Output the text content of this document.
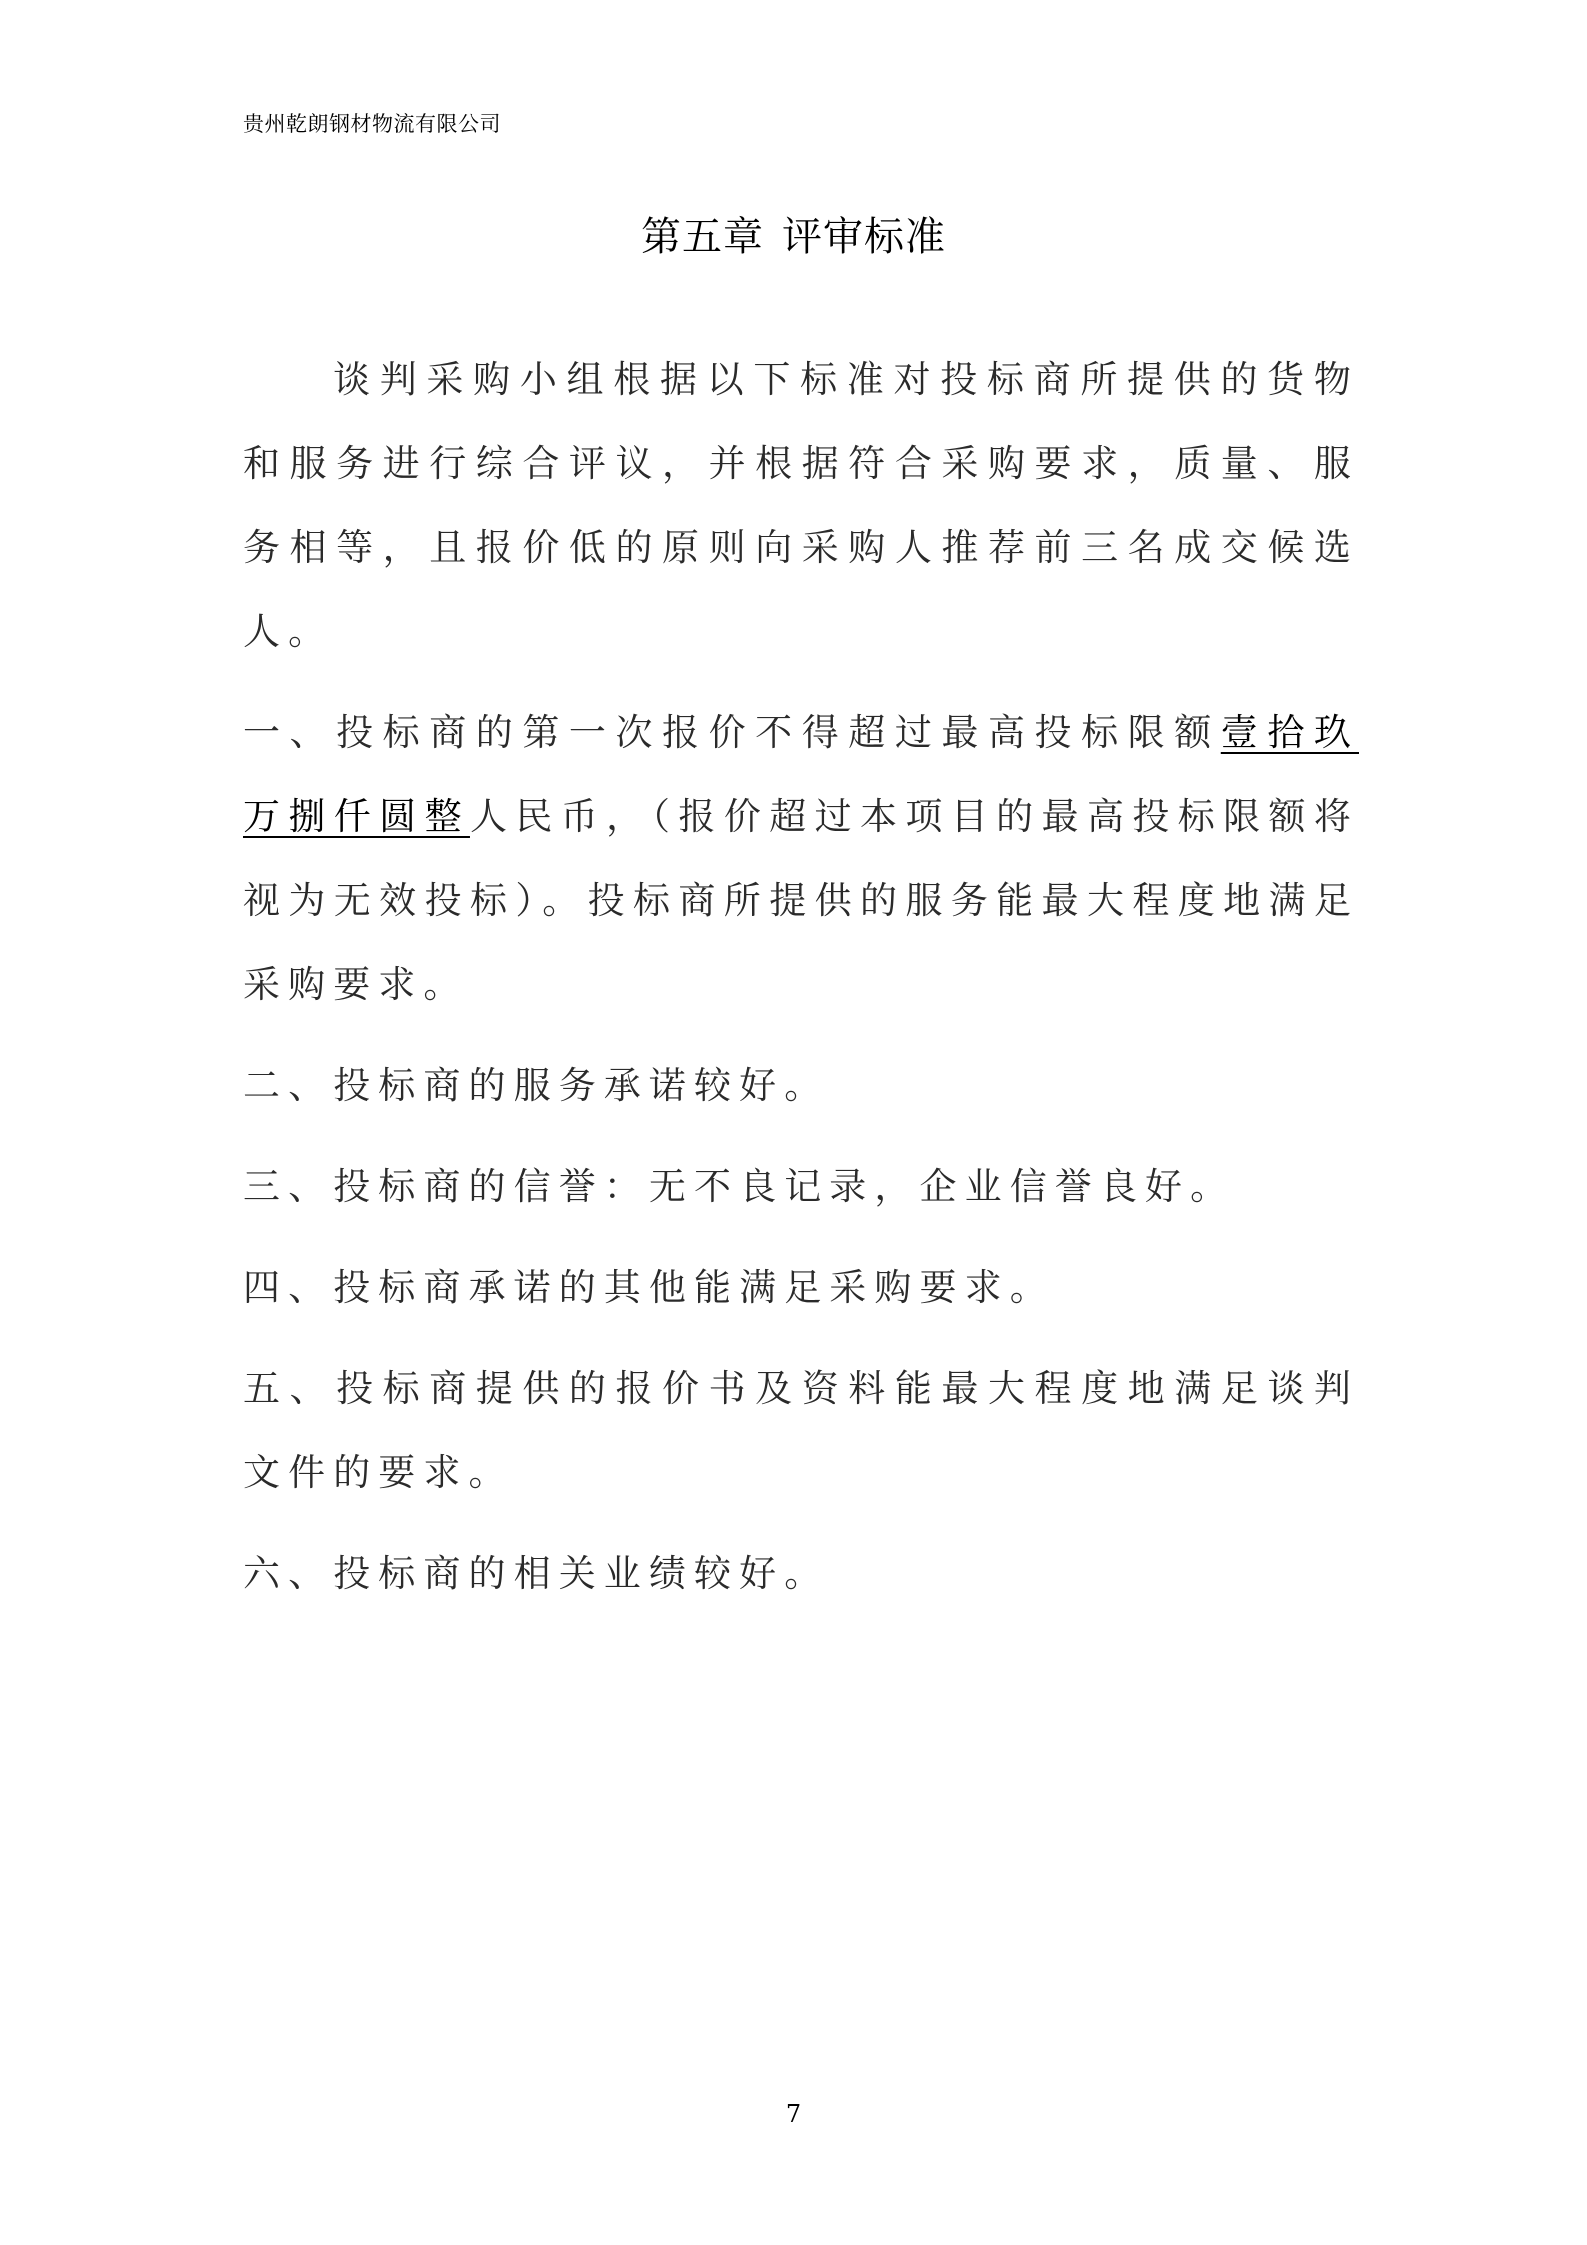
贵州乾朗钢材物流有限公司
第五章 评审标准

谈判采购小组根据以下标准对投标商所提供的货物和服务进行综合评议，并根据符合采购要求，质量、服务相等，且报价低的原则向采购人推荐前三名成交候选人。

一、投标商的第一次报价不得超过最高投标限额壹拾玖万捌仟圆整人民币，（报价超过本项目的最高投标限额将视为无效投标）。投标商所提供的服务能最大程度地满足采购要求。

二、投标商的服务承诺较好。

三、投标商的信誉：无不良记录，企业信誉良好。

四、投标商承诺的其他能满足采购要求。

五、投标商提供的报价书及资料能最大程度地满足谈判文件的要求。

六、投标商的相关业绩较好。

7
